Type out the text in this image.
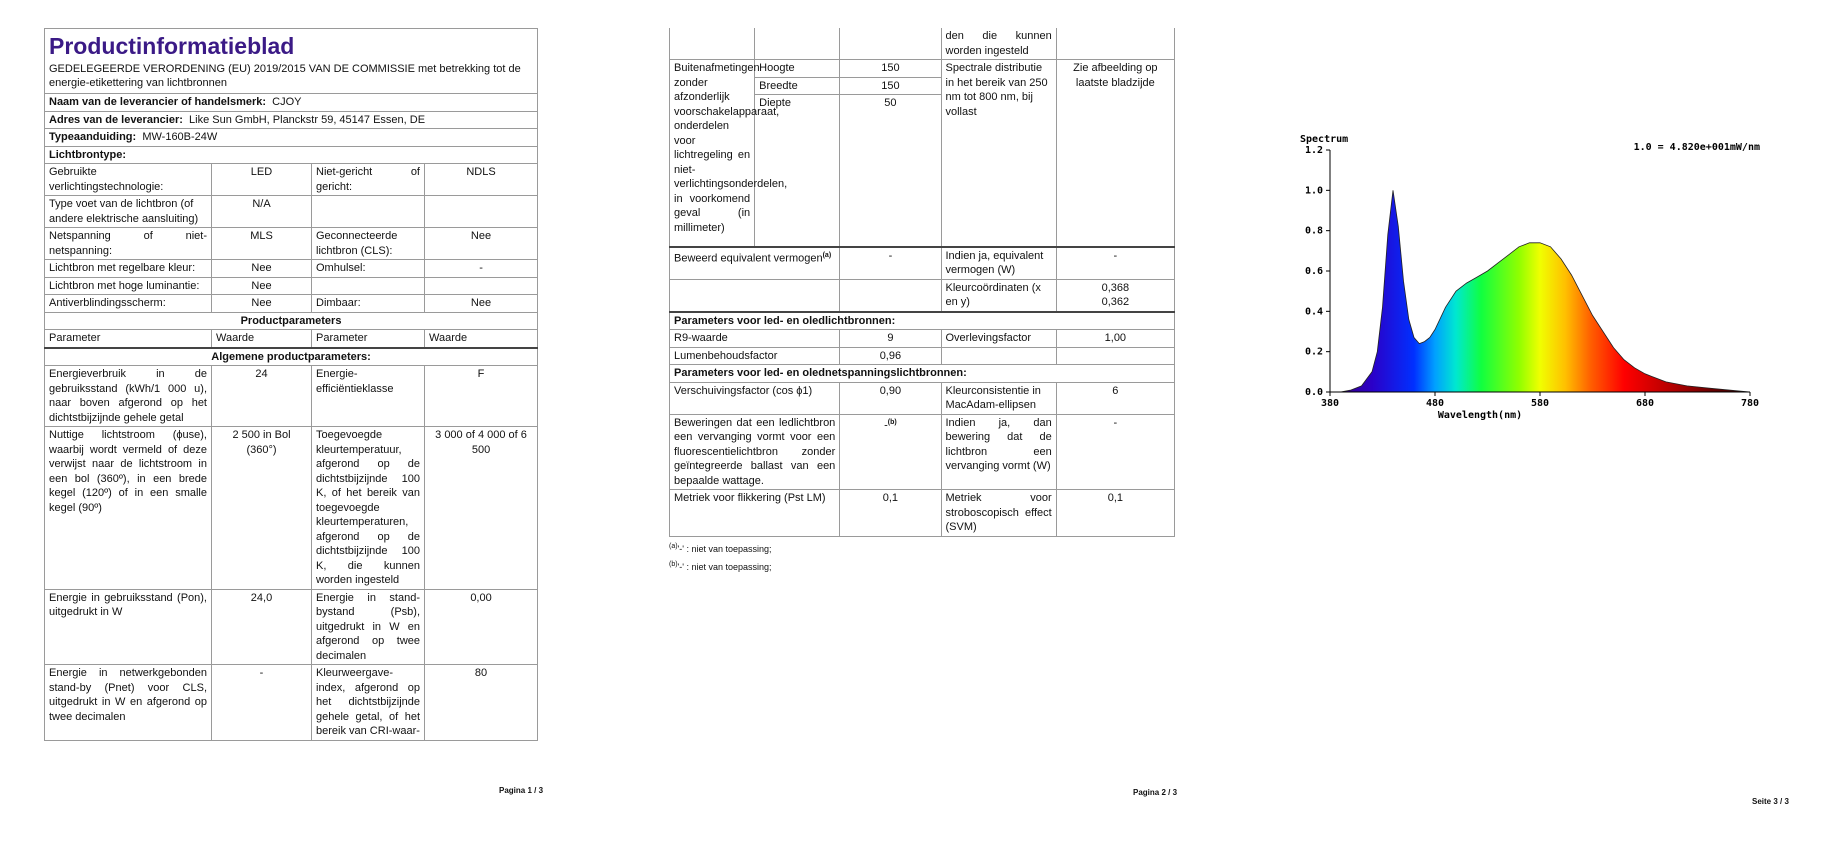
Productinformatieblad
GEDELEGEERDE VERORDENING (EU) 2019/2015 VAN DE COMMISSIE met betrekking tot de energie-etikettering van lichtbronnen			

Naam van de leverancier of handelsmerk: CJOY			
Adres van de leverancier: Like Sun GmbH, Planckstr 59, 45147 Essen, DE			
Typeaanduiding: MW-160B-24W			
Lichtbrontype:			
Gebruikte verlichtingstechnologie:	LED	Niet-gericht of gericht:	NDLS
Type voet van de lichtbron (of andere elektrische aansluiting)	N/A		
Netspanning of niet-netspanning:	MLS	Geconnecteerde lichtbron (CLS):	Nee
Lichtbron met regelbare kleur:	Nee	Omhulsel:	-
Lichtbron met hoge luminantie:	Nee		
Antiverblindingsscherm:	Nee	Dimbaar:	Nee
Productparameters			
Parameter	Waarde	Parameter	Waarde
Algemene productparameters:			
Energieverbruik in de gebruiksstand (kWh/1 000 u), naar boven afgerond op het dichtstbijzijnde gehele getal	24	Energie-efficiëntieklasse	F
Nuttige lichtstroom (ϕuse), waarbij wordt vermeld of deze verwijst naar de lichtstroom in een bol (360º), in een brede kegel (120º) of in een smalle kegel (90º)	2 500 in Bol (360°)	Toegevoegde kleurtemperatuur, afgerond op de dichtstbijzijnde 100 K, of het bereik van toegevoegde kleurtemperaturen, afgerond op de dichtstbijzijnde 100 K, die kunnen worden ingesteld	3 000 of 4 000 of 6 500
Energie in gebruiksstand (Pon), uitgedrukt in W	24,0	Energie in stand-bystand (Psb), uitgedrukt in W en afgerond op twee decimalen	0,00
Energie in netwerkgebonden stand-by (Pnet) voor CLS, uitgedrukt in W en afgerond op twee decimalen	-	Kleurweergave-index, afgerond op het dichtstbijzijnde gehele getal, of het bereik van CRI-waar-	80
Pagina 1 / 3
			den die kunnen worden ingesteld	
Buitenafmetingen zonder afzonderlijk voorschakelapparaat, onderdelen voor lichtregeling en niet-verlichtingsonderdelen, in voorkomend geval (in millimeter)	Hoogte	150	Spectrale distributie in het bereik van 250 nm tot 800 nm, bij vollast	Zie afbeelding op laatste bladzijde
	Breedte	150		
	Diepte	50		

Beweerd equivalent vermogen$^{(a)}$		-	Indien ja, equivalent vermogen (W)	-
			Kleurcoördinaten (x en y)	0,368
0,362

Parameters voor led- en oledlichtbronnen:				
R9-waarde		9	Overlevingsfactor	1,00
Lumenbehoudsfactor		0,96		
Parameters voor led- en olednetspanningslichtbronnen:				
Verschuivingsfactor (cos ϕ1)		0,90	Kleurconsistentie in MacAdam-ellipsen	6
Beweringen dat een ledlichtbron een vervanging vormt voor een fluorescentielichtbron zonder geïntegreerde ballast van een bepaalde wattage.		-$^{(b)}$	Indien ja, dan bewering dat de lichtbron een vervanging vormt (W)	-
Metriek voor flikkering (Pst LM)		0,1	Metriek voor stroboscopisch effect (SVM)	0,1
$^{(a)}$'-' : niet van toepassing;
$^{(b)}$'-' : niet van toepassing;
Pagina 2 / 3
0.0
0.2
0.4
0.6
0.8
1.0
1.2
380	480	580	680	780
Spectrum
1.0 = 4.820e+001mW/nm
Wavelength(nm)
Seite 3 / 3
